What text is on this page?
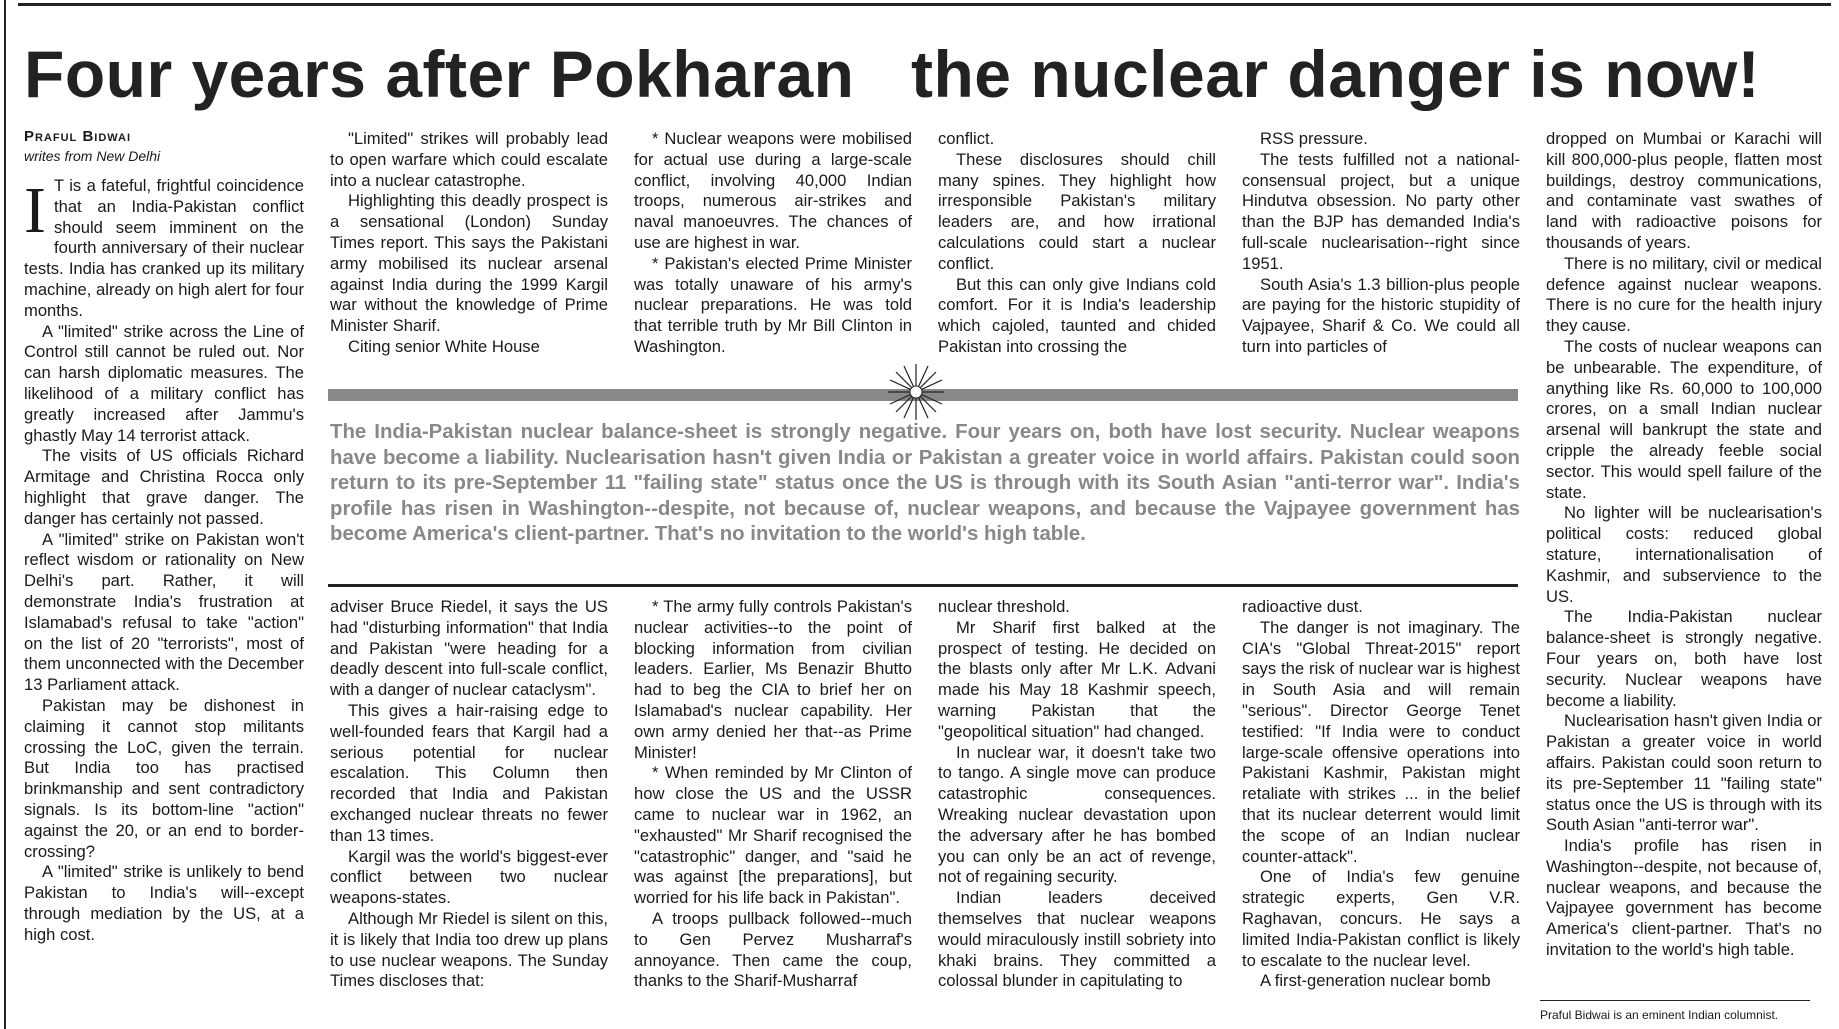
Four years after Pokharan   the nuclear danger is now!
Praful Bidwai
writes from New Delhi

I T is a fateful, frightful coincidence that an India-Pakistan conflict should seem imminent on the fourth anniversary of their nuclear tests. India has cranked up its military machine, already on high alert for four months.

A "limited" strike across the Line of Control still cannot be ruled out. Nor can harsh diplomatic measures. The likelihood of a military conflict has greatly increased after Jammu's ghastly May 14 terrorist attack.

The visits of US officials Richard Armitage and Christina Rocca only highlight that grave danger. The danger has certainly not passed.

A "limited" strike on Pakistan won't reflect wisdom or rationality on New Delhi's part. Rather, it will demonstrate India's frustration at Islamabad's refusal to take "action" on the list of 20 "terrorists", most of them unconnected with the December 13 Parliament attack.

Pakistan may be dishonest in claiming it cannot stop militants crossing the LoC, given the terrain. But India too has practised brinkmanship and sent contradictory signals. Is its bottom-line "action" against the 20, or an end to border-crossing?

A "limited" strike is unlikely to bend Pakistan to India's will--except through mediation by the US, at a high cost.

"Limited" strikes will probably lead to open warfare which could escalate into a nuclear catastrophe.

Highlighting this deadly prospect is a sensational (London) Sunday Times report. This says the Pakistani army mobilised its nuclear arsenal against India during the 1999 Kargil war without the knowledge of Prime Minister Sharif.

Citing senior White House

* Nuclear weapons were mobilised for actual use during a large-scale conflict, involving 40,000 Indian troops, numerous air-strikes and naval manoeuvres. The chances of use are highest in war.

* Pakistan's elected Prime Minister was totally unaware of his army's nuclear preparations. He was told that terrible truth by Mr Bill Clinton in Washington.

conflict.

These disclosures should chill many spines. They highlight how irresponsible Pakistan's military leaders are, and how irrational calculations could start a nuclear conflict.

But this can only give Indians cold comfort. For it is India's leadership which cajoled, taunted and chided Pakistan into crossing the

RSS pressure.

The tests fulfilled not a national-consensual project, but a unique Hindutva obsession. No party other than the BJP has demanded India's full-scale nuclearisation--right since 1951.

South Asia's 1.3 billion-plus people are paying for the historic stupidity of Vajpayee, Sharif & Co. We could all turn into particles of

The India-Pakistan nuclear balance-sheet is strongly negative. Four years on, both have lost security. Nuclear weapons have become a liability. Nuclearisation hasn't given India or Pakistan a greater voice in world affairs. Pakistan could soon return to its pre-September 11 "failing state" status once the US is through with its South Asian "anti-terror war". India's profile has risen in Washington--despite, not because of, nuclear weapons, and because the Vajpayee government has become America's client-partner. That's no invitation to the world's high table.

adviser Bruce Riedel, it says the US had "disturbing information" that India and Pakistan "were heading for a deadly descent into full-scale conflict, with a danger of nuclear cataclysm".

This gives a hair-raising edge to well-founded fears that Kargil had a serious potential for nuclear escalation. This Column then recorded that India and Pakistan exchanged nuclear threats no fewer than 13 times.

Kargil was the world's biggest-ever conflict between two nuclear weapons-states.

Although Mr Riedel is silent on this, it is likely that India too drew up plans to use nuclear weapons. The Sunday Times discloses that:

* The army fully controls Pakistan's nuclear activities--to the point of blocking information from civilian leaders. Earlier, Ms Benazir Bhutto had to beg the CIA to brief her on Islamabad's nuclear capability. Her own army denied her that--as Prime Minister!

* When reminded by Mr Clinton of how close the US and the USSR came to nuclear war in 1962, an "exhausted" Mr Sharif recognised the "catastrophic" danger, and "said he was against [the preparations], but worried for his life back in Pakistan".

A troops pullback followed--much to Gen Pervez Musharraf's annoyance. Then came the coup, thanks to the Sharif-Musharraf

nuclear threshold.

Mr Sharif first balked at the prospect of testing. He decided on the blasts only after Mr L.K. Advani made his May 18 Kashmir speech, warning Pakistan that the "geopolitical situation" had changed.

In nuclear war, it doesn't take two to tango. A single move can produce catastrophic consequences. Wreaking nuclear devastation upon the adversary after he has bombed you can only be an act of revenge, not of regaining security.

Indian leaders deceived themselves that nuclear weapons would miraculously instill sobriety into khaki brains. They committed a colossal blunder in capitulating to

radioactive dust.

The danger is not imaginary. The CIA's "Global Threat-2015" report says the risk of nuclear war is highest in South Asia and will remain "serious". Director George Tenet testified: "If India were to conduct large-scale offensive operations into Pakistani Kashmir, Pakistan might retaliate with strikes ... in the belief that its nuclear deterrent would limit the scope of an Indian nuclear counter-attack".

One of India's few genuine strategic experts, Gen V.R. Raghavan, concurs. He says a limited India-Pakistan conflict is likely to escalate to the nuclear level.

A first-generation nuclear bomb

dropped on Mumbai or Karachi will kill 800,000-plus people, flatten most buildings, destroy communications, and contaminate vast swathes of land with radioactive poisons for thousands of years.

There is no military, civil or medical defence against nuclear weapons. There is no cure for the health injury they cause.

The costs of nuclear weapons can be unbearable. The expenditure, of anything like Rs. 60,000 to 100,000 crores, on a small Indian nuclear arsenal will bankrupt the state and cripple the already feeble social sector. This would spell failure of the state.

No lighter will be nuclearisation's political costs: reduced global stature, internationalisation of Kashmir, and subservience to the US.

The India-Pakistan nuclear balance-sheet is strongly negative. Four years on, both have lost security. Nuclear weapons have become a liability.

Nuclearisation hasn't given India or Pakistan a greater voice in world affairs. Pakistan could soon return to its pre-September 11 "failing state" status once the US is through with its South Asian "anti-terror war".

India's profile has risen in Washington--despite, not because of, nuclear weapons, and because the Vajpayee government has become America's client-partner. That's no invitation to the world's high table.

Praful Bidwai is an eminent Indian columnist.
